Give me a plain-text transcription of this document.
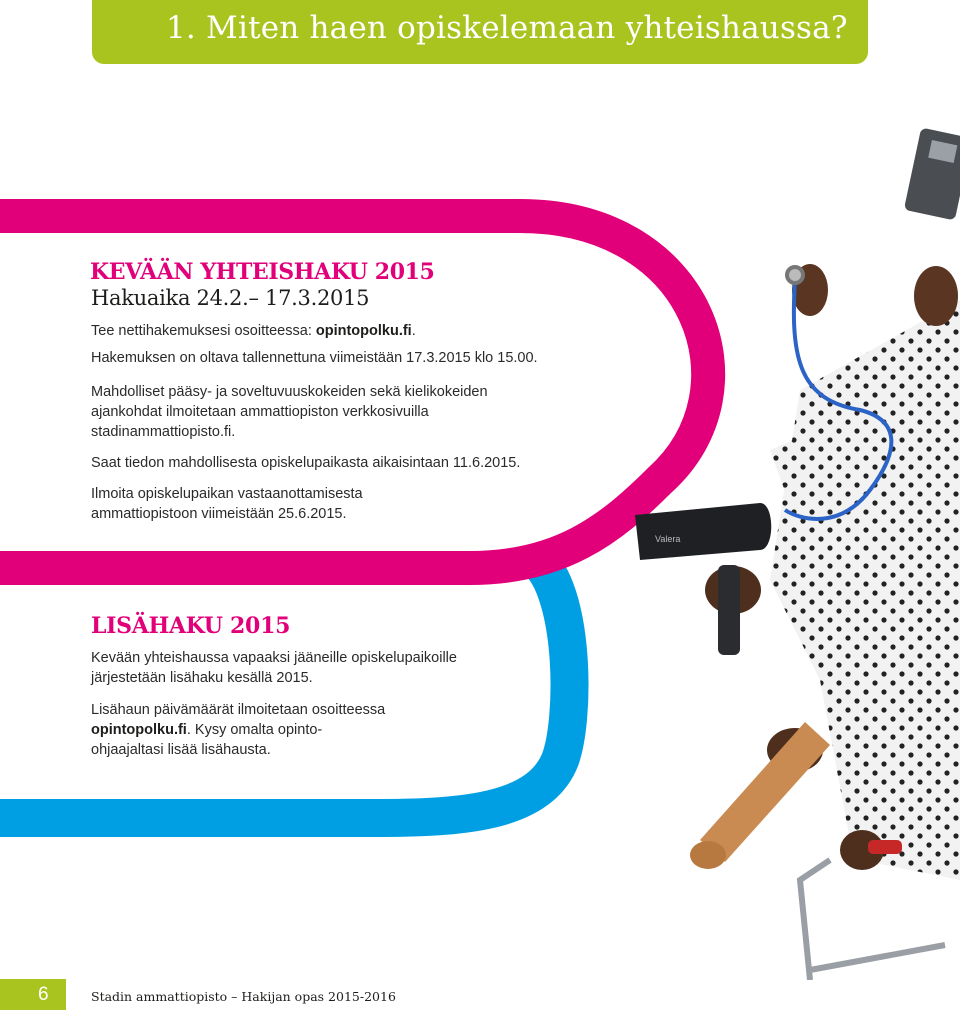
1. Miten haen opiskelemaan yhteishaussa?
Valera
KEVÄÄN YHTEISHAKU 2015
Hakuaika 24.2.– 17.3.2015

Tee nettihakemuksesi osoitteessa: opintopolku.fi.

Hakemuksen on oltava tallennettuna viimeistään 17.3.2015 klo 15.00.

Mahdolliset pääsy- ja soveltuvuuskokeiden sekä kielikokeiden

ajankohdat ilmoitetaan ammattiopiston verkkosivuilla

stadinammattiopisto.fi.

Saat tiedon mahdollisesta opiskelupaikasta aikaisintaan 11.6.2015.

Ilmoita opiskelupaikan vastaanottamisesta

ammattiopistoon viimeistään 25.6.2015.

LISÄHAKU 2015

Kevään yhteishaussa vapaaksi jääneille opiskelupaikoille

järjestetään lisähaku kesällä 2015.

Lisähaun päivämäärät ilmoitetaan osoitteessa

opintopolku.fi. Kysy omalta opinto-

ohjaajaltasi lisää lisähausta.

6	Stadin ammattiopisto – Hakijan opas 2015-2016
